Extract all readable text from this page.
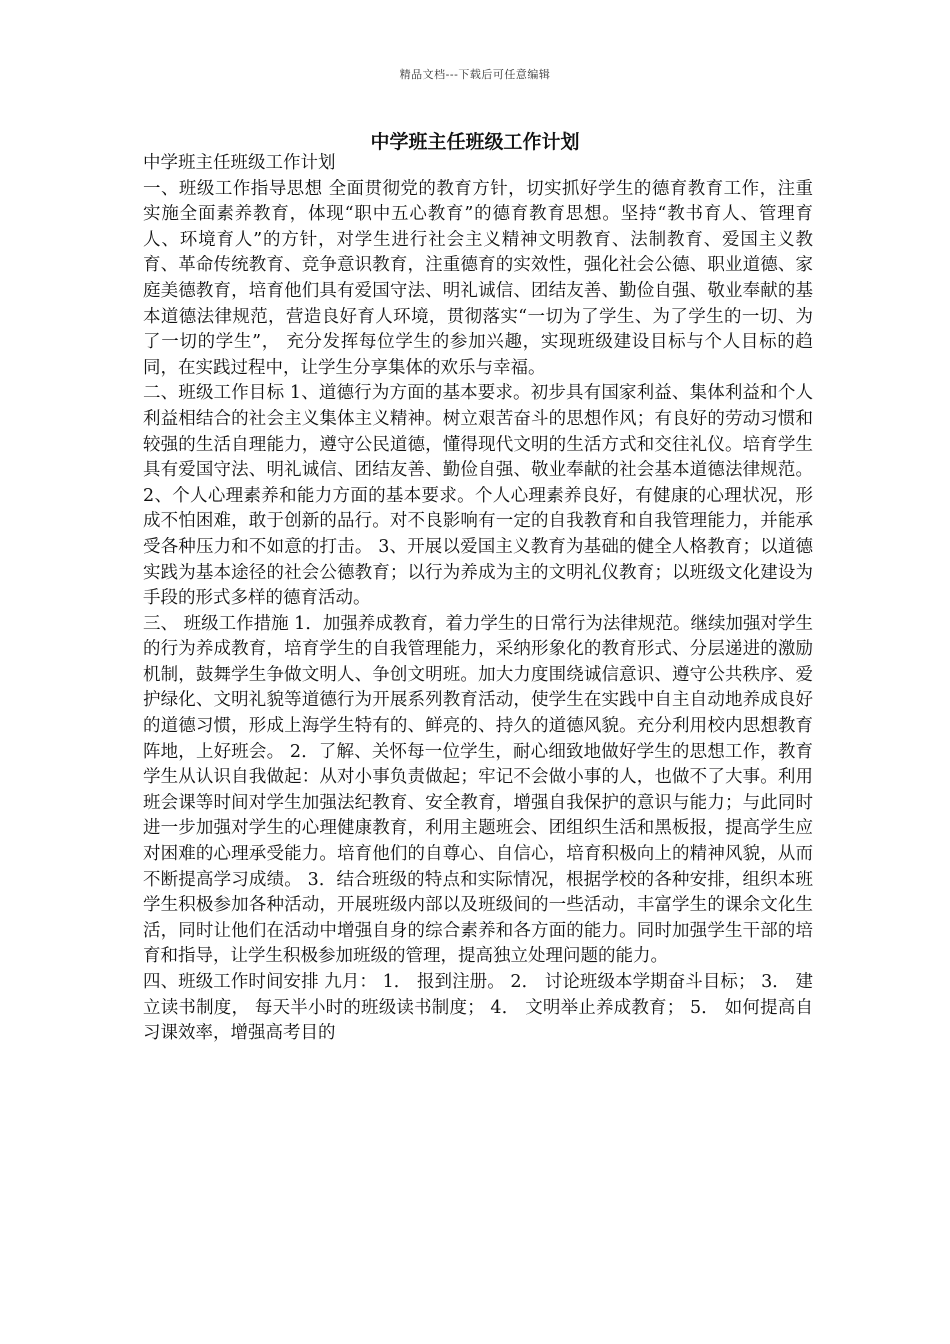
精品文档---下载后可任意编辑
中学班主任班级工作计划

中学班主任班级工作计划

一、班级工作指导思想 全面贯彻党的教育方针，切实抓好学生的德育教育工作，注重实施全面素养教育，体现“职中五心教育”的德育教育思想。坚持“教书育人、管理育人、环境育人”的方针，对学生进行社会主义精神文明教育、法制教育、爱国主义教育、革命传统教育、竞争意识教育，注重德育的实效性，强化社会公德、职业道德、家庭美德教育，培育他们具有爱国守法、明礼诚信、团结友善、勤俭自强、敬业奉献的基本道德法律规范，营造良好育人环境，贯彻落实“一切为了学生、为了学生的一切、为了一切的学生”， 充分发挥每位学生的参加兴趣，实现班级建设目标与个人目标的趋同，在实践过程中，让学生分享集体的欢乐与幸福。

二、班级工作目标 1、道德行为方面的基本要求。初步具有国家利益、集体利益和个人利益相结合的社会主义集体主义精神。树立艰苦奋斗的思想作风；有良好的劳动习惯和较强的生活自理能力，遵守公民道德，懂得现代文明的生活方式和交往礼仪。培育学生具有爱国守法、明礼诚信、团结友善、勤俭自强、敬业奉献的社会基本道德法律规范。 2、个人心理素养和能力方面的基本要求。个人心理素养良好，有健康的心理状况，形成不怕困难，敢于创新的品行。对不良影响有一定的自我教育和自我管理能力，并能承受各种压力和不如意的打击。 3、开展以爱国主义教育为基础的健全人格教育；以道德实践为基本途径的社会公德教育；以行为养成为主的文明礼仪教育；以班级文化建设为手段的形式多样的德育活动。

三、 班级工作措施 1．加强养成教育，着力学生的日常行为法律规范。继续加强对学生的行为养成教育，培育学生的自我管理能力，采纳形象化的教育形式、分层递进的激励机制，鼓舞学生争做文明人、争创文明班。加大力度围绕诚信意识、遵守公共秩序、爱护绿化、文明礼貌等道德行为开展系列教育活动，使学生在实践中自主自动地养成良好的道德习惯，形成上海学生特有的、鲜亮的、持久的道德风貌。充分利用校内思想教育阵地，上好班会。 2．了解、关怀每一位学生，耐心细致地做好学生的思想工作，教育学生从认识自我做起：从对小事负责做起；牢记不会做小事的人，也做不了大事。利用班会课等时间对学生加强法纪教育、安全教育，增强自我保护的意识与能力；与此同时进一步加强对学生的心理健康教育，利用主题班会、团组织生活和黑板报，提高学生应对困难的心理承受能力。培育他们的自尊心、自信心，培育积极向上的精神风貌，从而不断提高学习成绩。 3．结合班级的特点和实际情况，根据学校的各种安排，组织本班学生积极参加各种活动，开展班级内部以及班级间的一些活动，丰富学生的课余文化生活，同时让他们在活动中增强自身的综合素养和各方面的能力。同时加强学生干部的培育和指导，让学生积极参加班级的管理，提高独立处理问题的能力。

四、班级工作时间安排 九月： 1． 报到注册。 2． 讨论班级本学期奋斗目标； 3． 建立读书制度， 每天半小时的班级读书制度； 4． 文明举止养成教育； 5． 如何提高自习课效率，增强高考目的
